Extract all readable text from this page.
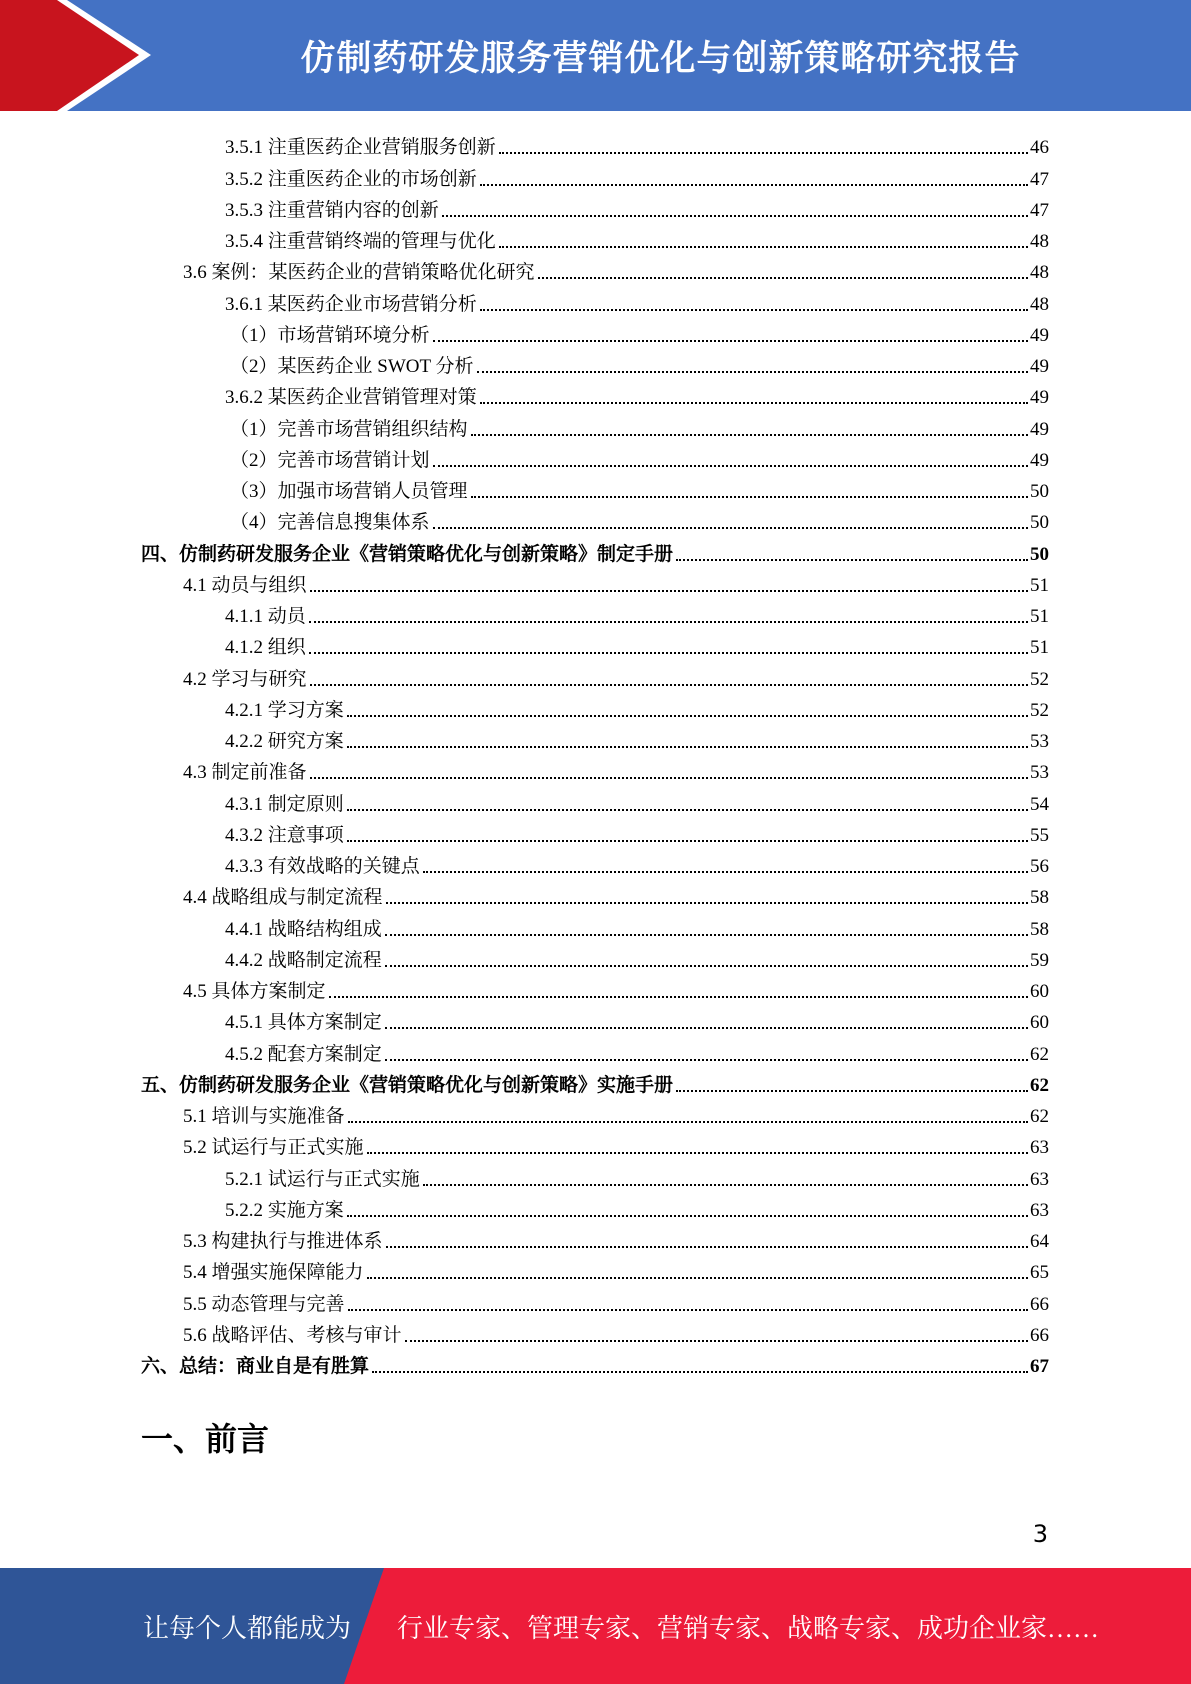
仿制药研发服务营销优化与创新策略研究报告
3.5.1 注重医药企业营销服务创新	46
3.5.2 注重医药企业的市场创新	47
3.5.3 注重营销内容的创新	47
3.5.4 注重营销终端的管理与优化	48
3.6 案例：某医药企业的营销策略优化研究	48
3.6.1 某医药企业市场营销分析	48
（1）市场营销环境分析	49
（2）某医药企业 SWOT 分析	49
3.6.2 某医药企业营销管理对策	49
（1）完善市场营销组织结构	49
（2）完善市场营销计划	49
（3）加强市场营销人员管理	50
（4）完善信息搜集体系	50
四、仿制药研发服务企业《营销策略优化与创新策略》制定手册	50
4.1 动员与组织	51
4.1.1 动员	51
4.1.2 组织	51
4.2 学习与研究	52
4.2.1 学习方案	52
4.2.2 研究方案	53
4.3 制定前准备	53
4.3.1 制定原则	54
4.3.2 注意事项	55
4.3.3 有效战略的关键点	56
4.4 战略组成与制定流程	58
4.4.1 战略结构组成	58
4.4.2 战略制定流程	59
4.5 具体方案制定	60
4.5.1 具体方案制定	60
4.5.2 配套方案制定	62
五、仿制药研发服务企业《营销策略优化与创新策略》实施手册	62
5.1 培训与实施准备	62
5.2 试运行与正式实施	63
5.2.1 试运行与正式实施	63
5.2.2 实施方案	63
5.3 构建执行与推进体系	64
5.4 增强实施保障能力	65
5.5 动态管理与完善	66
5.6 战略评估、考核与审计	66
六、总结：商业自是有胜算	67
一、前言
3
让每个人都能成为 行业专家、管理专家、营销专家、战略专家、成功企业家……
